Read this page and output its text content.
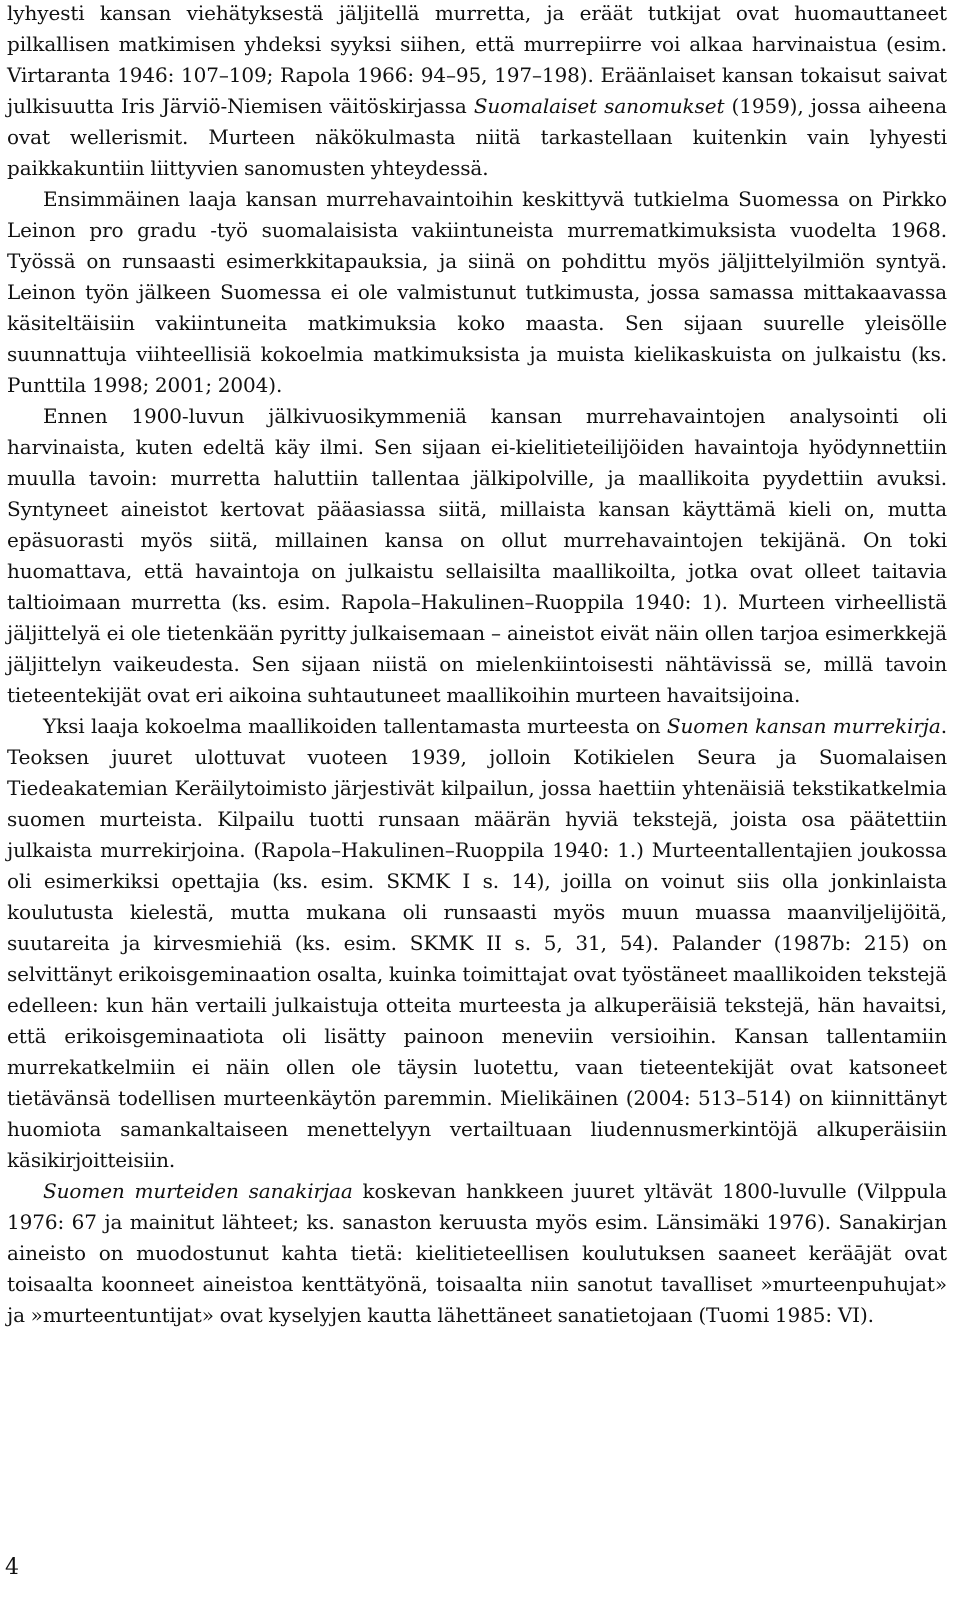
lyhyesti kansan viehätyksestä jäljitellä murretta, ja eräät tutkijat ovat huomauttaneet pilkallisen matkimisen yhdeksi syyksi siihen, että murrepiirre voi alkaa harvinaistua (esim. Virtaranta 1946: 107–109; Rapola 1966: 94–95, 197–198). Eräänlaiset kansan tokaisut saivat julkisuutta Iris Järviö-Niemisen väitöskirjassa Suomalaiset sanomukset (1959), jossa aiheena ovat wellerismit. Murteen näkökulmasta niitä tarkastellaan kuitenkin vain lyhyesti paikkakuntiin liittyvien sanomusten yhteydessä.

Ensimmäinen laaja kansan murrehavaintoihin keskittyvä tutkielma Suomessa on Pirkko Leinon pro gradu -työ suomalaisista vakiintuneista murrematkimuksista vuodelta 1968. Työssä on runsaasti esimerkkitapauksia, ja siinä on pohdittu myös jäljittelyilmiön syntyä. Leinon työn jälkeen Suomessa ei ole valmistunut tutkimusta, jossa samassa mittakaavassa käsiteltäisiin vakiintuneita matkimuksia koko maasta. Sen sijaan suurelle yleisölle suunnattuja viihteellisiä kokoelmia matkimuksista ja muista kielikaskuista on julkaistu (ks. Punttila 1998; 2001; 2004).

Ennen 1900-luvun jälkivuosikymmeniä kansan murrehavaintojen analysointi oli harvinaista, kuten edeltä käy ilmi. Sen sijaan ei-kielitieteilijöiden havaintoja hyödynnettiin muulla tavoin: murretta haluttiin tallentaa jälkipolville, ja maallikoita pyydettiin avuksi. Syntyneet aineistot kertovat pääasiassa siitä, millaista kansan käyttämä kieli on, mutta epäsuorasti myös siitä, millainen kansa on ollut murrehavaintojen tekijänä. On toki huomattava, että havaintoja on julkaistu sellaisilta maallikoilta, jotka ovat olleet taitavia taltioimaan murretta (ks. esim. Rapola–Hakulinen–Ruoppila 1940: 1). Murteen virheellistä jäljittelyä ei ole tietenkään pyritty julkaisemaan – aineistot eivät näin ollen tarjoa esimerkkejä jäljittelyn vaikeudesta. Sen sijaan niistä on mielenkiintoisesti nähtävissä se, millä tavoin tieteentekijät ovat eri aikoina suhtautuneet maallikoihin murteen havaitsijoina.

Yksi laaja kokoelma maallikoiden tallentamasta murteesta on Suomen kansan murrekirja. Teoksen juuret ulottuvat vuoteen 1939, jolloin Kotikielen Seura ja Suomalaisen Tiedeakatemian Keräilytoimisto järjestivät kilpailun, jossa haettiin yhtenäisiä tekstikatkelmia suomen murteista. Kilpailu tuotti runsaan määrän hyviä tekstejä, joista osa päätettiin julkaista murrekirjoina. (Rapola–Hakulinen–Ruoppila 1940: 1.) Murteentallentajien joukossa oli esimerkiksi opettajia (ks. esim. SKMK I s. 14), joilla on voinut siis olla jonkinlaista koulutusta kielestä, mutta mukana oli runsaasti myös muun muassa maanviljelijöitä, suutareita ja kirvesmiehiä (ks. esim. SKMK II s. 5, 31, 54). Palander (1987b: 215) on selvittänyt erikoisgeminaation osalta, kuinka toimittajat ovat työstäneet maallikoiden tekstejä edelleen: kun hän vertaili julkaistuja otteita murteesta ja alkuperäisiä tekstejä, hän havaitsi, että erikoisgeminaatiota oli lisätty painoon meneviin versioihin. Kansan tallentamiin murrekatkelmiin ei näin ollen ole täysin luotettu, vaan tieteentekijät ovat katsoneet tietävänsä todellisen murteenkäytön paremmin. Mielikäinen (2004: 513–514) on kiinnittänyt huomiota samankaltaiseen menettelyyn vertailtuaan liudennusmerkintöjä alkuperäisiin käsikirjoitteisiin.

Suomen murteiden sanakirjaa koskevan hankkeen juuret yltävät 1800-luvulle (Vilppula 1976: 67 ja mainitut lähteet; ks. sanaston keruusta myös esim. Länsimäki 1976). Sanakirjan aineisto on muodostunut kahta tietä: kielitieteellisen koulutuksen saaneet keräājät ovat toisaalta koonneet aineistoa kenttätyönä, toisaalta niin sanotut tavalliset »murteenpuhujat» ja »murteentuntijat» ovat kyselyjen kautta lähettäneet sanatietojaan (Tuomi 1985: VI).

4
